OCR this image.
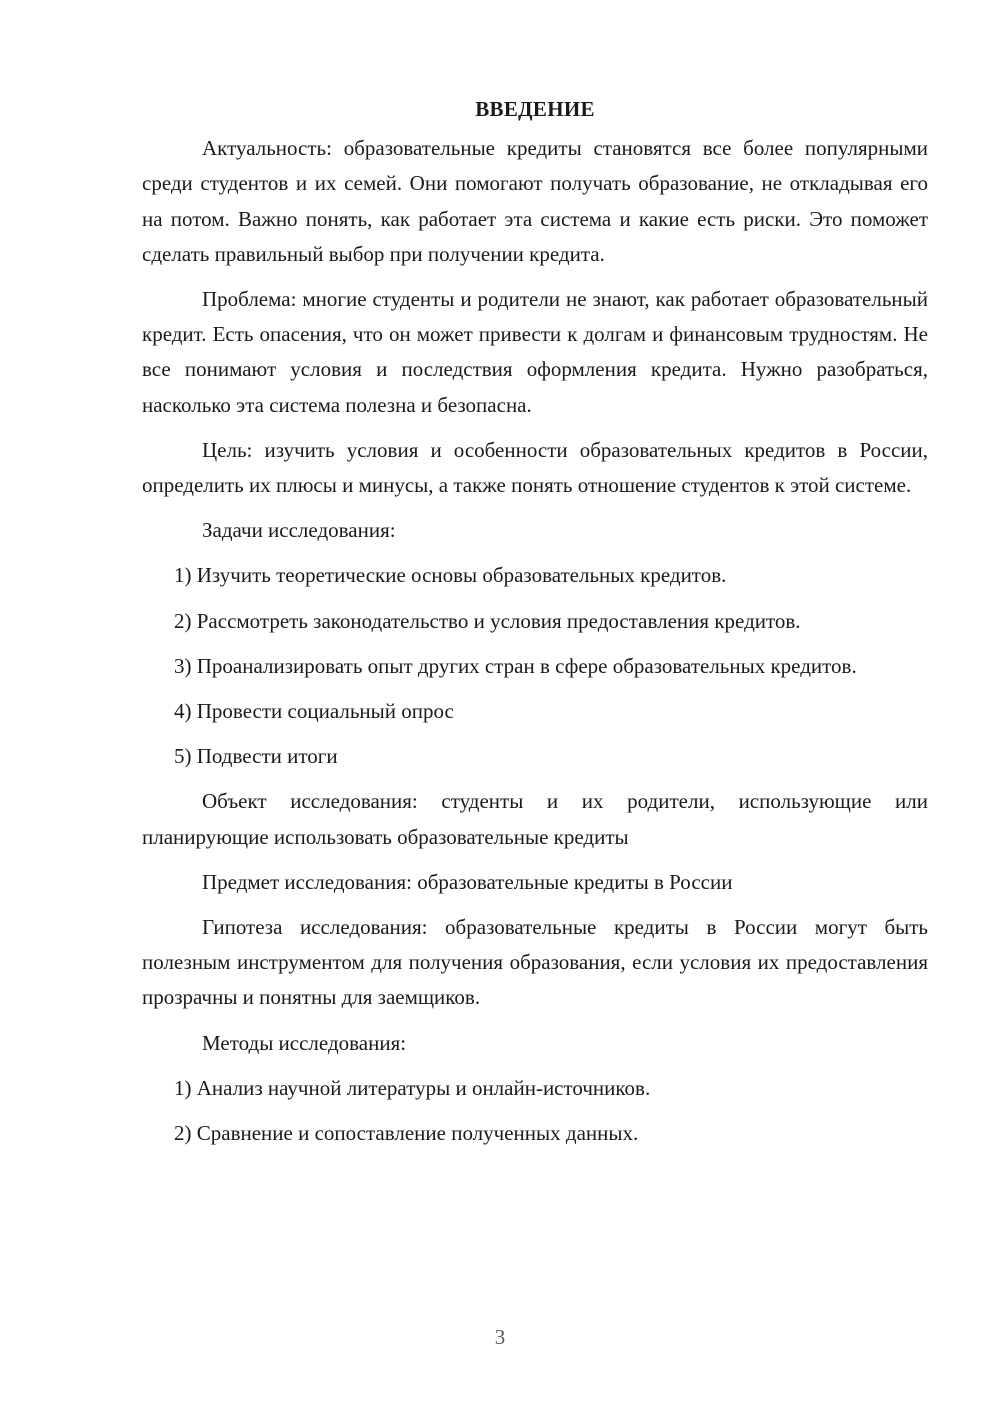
ВВЕДЕНИЕ

Актуальность: образовательные кредиты становятся все более популярными среди студентов и их семей. Они помогают получать образование, не откладывая его на потом. Важно понять, как работает эта система и какие есть риски. Это поможет сделать правильный выбор при получении кредита.

Проблема: многие студенты и родители не знают, как работает образовательный кредит. Есть опасения, что он может привести к долгам и финансовым трудностям. Не все понимают условия и последствия оформления кредита. Нужно разобраться, насколько эта система полезна и безопасна.

Цель: изучить условия и особенности образовательных кредитов в России, определить их плюсы и минусы, а также понять отношение студентов к этой системе.

Задачи исследования:

1) Изучить теоретические основы образовательных кредитов.

2) Рассмотреть законодательство и условия предоставления кредитов.

3) Проанализировать опыт других стран в сфере образовательных кредитов.

4) Провести социальный опрос

5) Подвести итоги

Объект исследования: студенты и их родители, использующие или планирующие использовать образовательные кредиты

Предмет исследования: образовательные кредиты в России

Гипотеза исследования: образовательные кредиты в России могут быть полезным инструментом для получения образования, если условия их предоставления прозрачны и понятны для заемщиков.

Методы исследования:

1) Анализ научной литературы и онлайн-источников.

2) Сравнение и сопоставление полученных данных.

3
